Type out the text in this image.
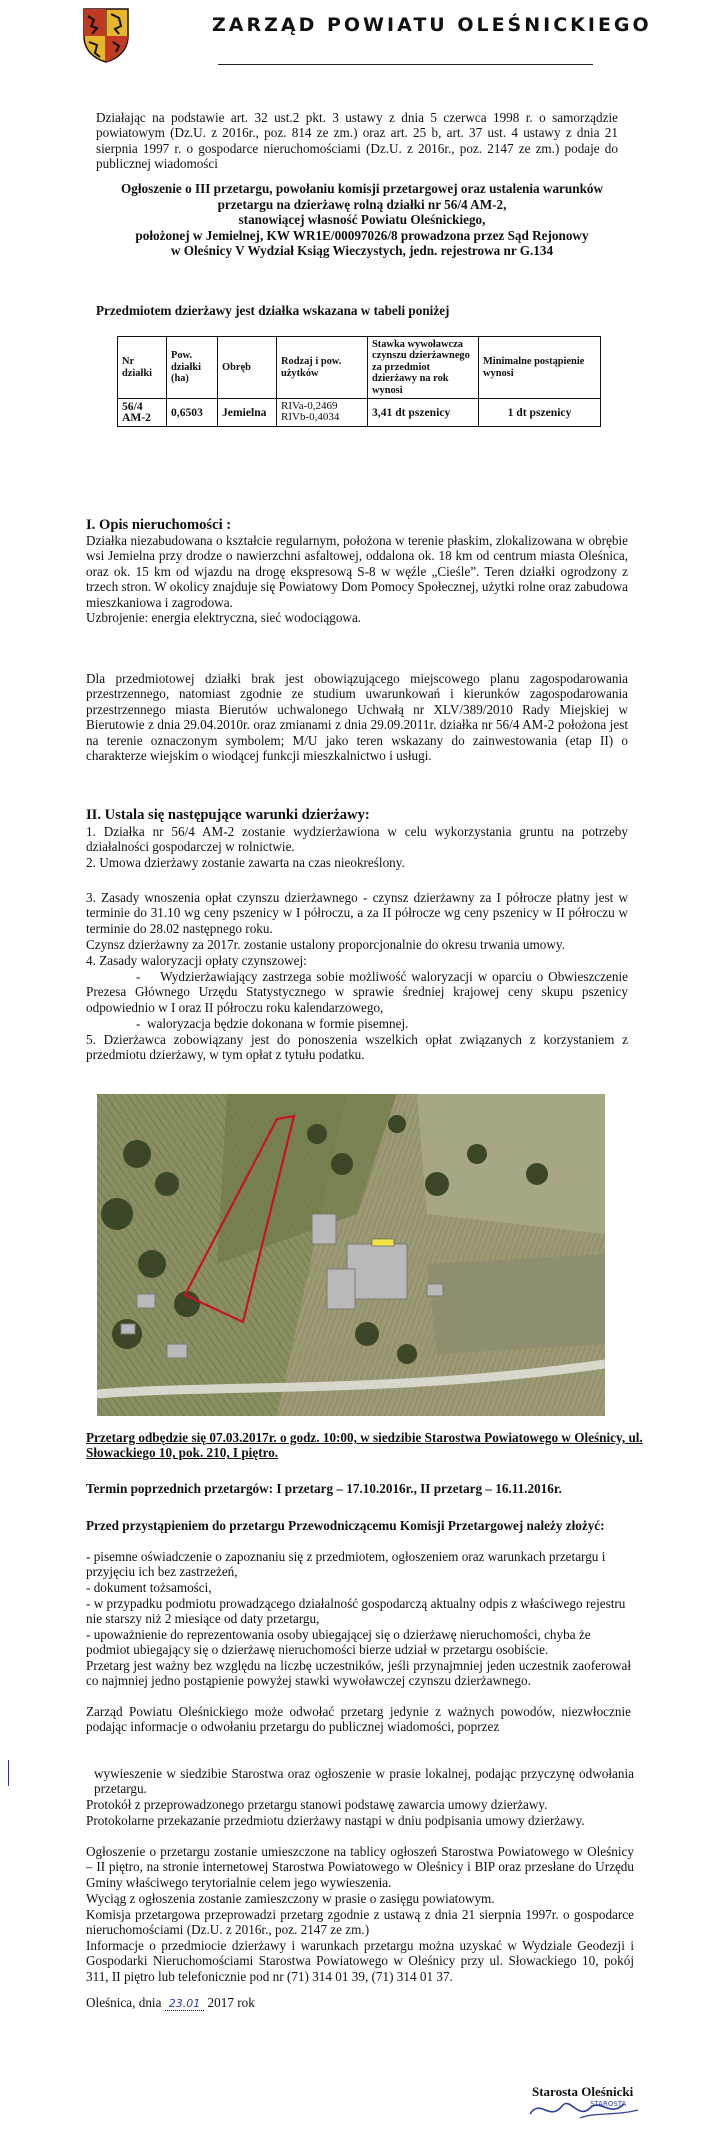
ZARZĄD POWIATU OLEŚNICKIEGO

Działając na podstawie art. 32 ust.2 pkt. 3 ustawy z dnia 5 czerwca 1998 r. o samorządzie powiatowym (Dz.U. z 2016r., poz. 814 ze zm.) oraz art. 25 b, art. 37 ust. 4 ustawy z dnia 21 sierpnia 1997 r. o gospodarce nieruchomościami (Dz.U. z 2016r., poz. 2147 ze zm.) podaje do publicznej wiadomości

Ogłoszenie o III przetargu, powołaniu komisji przetargowej oraz ustalenia warunków
przetargu na dzierżawę rolną działki nr 56/4 AM-2,
stanowiącej własność Powiatu Oleśnickiego,
położonej w Jemielnej, KW WR1E/00097026/8 prowadzona przez Sąd Rejonowy
w Oleśnicy V Wydział Ksiąg Wieczystych, jedn. rejestrowa nr G.134

Przedmiotem dzierżawy jest działka wskazana w tabeli poniżej

Nr działki	Pow. działki (ha)	Obręb	Rodzaj i pow. użytków	Stawka wywoławcza czynszu dzierżawnego za przedmiot dzierżawy na rok wynosi	Minimalne postąpienie wynosi
56/4 AM-2	0,6503	Jemielna	RIVa-0,2469
RIVb-0,4034	3,41 dt pszenicy	1 dt pszenicy

I. Opis nieruchomości :

Działka niezabudowana o kształcie regularnym, położona w terenie płaskim, zlokalizowana w obrębie wsi Jemielna przy drodze o nawierzchni asfaltowej, oddalona ok. 18 km od centrum miasta Oleśnica, oraz ok. 15 km od wjazdu na drogę ekspresową S-8 w węźle „Cieśle”. Teren działki ogrodzony z trzech stron. W okolicy znajduje się Powiatowy Dom Pomocy Społecznej, użytki rolne oraz zabudowa mieszkaniowa i zagrodowa.

Uzbrojenie: energia elektryczna, sieć wodociągowa.

Dla przedmiotowej działki brak jest obowiązującego miejscowego planu zagospodarowania przestrzennego, natomiast zgodnie ze studium uwarunkowań i kierunków zagospodarowania przestrzennego miasta Bierutów uchwalonego Uchwałą nr XLV/389/2010 Rady Miejskiej w Bierutowie z dnia 29.04.2010r. oraz zmianami z dnia 29.09.2011r. działka nr 56/4 AM-2 położona jest na terenie oznaczonym symbolem; M/U jako teren wskazany do zainwestowania (etap II) o charakterze wiejskim o wiodącej funkcji mieszkalnictwo i usługi.

II. Ustala się następujące warunki dzierżawy:

1. Działka nr 56/4 AM-2 zostanie wydzierżawiona w celu wykorzystania gruntu na potrzeby działalności gospodarczej w rolnictwie.

2. Umowa dzierżawy zostanie zawarta na czas nieokreślony.

3. Zasady wnoszenia opłat czynszu dzierżawnego - czynsz dzierżawny za I półrocze płatny jest w terminie do 31.10 wg ceny pszenicy w I półroczu, a za II półrocze wg ceny pszenicy w II półroczu w terminie do 28.02 następnego roku.

Czynsz dzierżawny za 2017r. zostanie ustalony proporcjonalnie do okresu trwania umowy.

4. Zasady waloryzacji opłaty czynszowej:

-    Wydzierżawiający zastrzega sobie możliwość waloryzacji w oparciu o Obwieszczenie Prezesa Głównego Urzędu Statystycznego w sprawie średniej krajowej ceny skupu pszenicy odpowiednio w I oraz II półroczu roku kalendarzowego,
-  waloryzacja będzie dokonana w formie pisemnej.

5. Dzierżawca zobowiązany jest do ponoszenia wszelkich opłat związanych z korzystaniem z przedmiotu dzierżawy, w tym opłat z tytułu podatku.

Przetarg odbędzie się 07.03.2017r. o godz. 10:00, w siedzibie Starostwa Powiatowego w Oleśnicy, ul. Słowackiego 10, pok. 210, I piętro.

Termin poprzednich przetargów: I przetarg – 17.10.2016r., II przetarg – 16.11.2016r.

Przed przystąpieniem do przetargu Przewodniczącemu Komisji Przetargowej należy złożyć:

- pisemne oświadczenie o zapoznaniu się z przedmiotem, ogłoszeniem oraz warunkach przetargu i przyjęciu ich bez zastrzeżeń,

- dokument tożsamości,

- w przypadku podmiotu prowadzącego działalność gospodarczą aktualny odpis z właściwego rejestru nie starszy niż 2 miesiące od daty przetargu,

- upoważnienie do reprezentowania osoby ubiegającej się o dzierżawę nieruchomości, chyba że podmiot ubiegający się o dzierżawę nieruchomości bierze udział w przetargu osobiście.

Przetarg jest ważny bez względu na liczbę uczestników, jeśli przynajmniej jeden uczestnik zaoferował co najmniej jedno postąpienie powyżej stawki wywoławczej czynszu dzierżawnego.

Zarząd Powiatu Oleśnickiego może odwołać przetarg jedynie z ważnych powodów, niezwłocznie podając informacje o odwołaniu przetargu do publicznej wiadomości, poprzez

wywieszenie w siedzibie Starostwa oraz ogłoszenie w prasie lokalnej, podając przyczynę odwołania przetargu.

Protokół z przeprowadzonego przetargu stanowi podstawę zawarcia umowy dzierżawy.

Protokolarne przekazanie przedmiotu dzierżawy nastąpi w dniu podpisania umowy dzierżawy.

Ogłoszenie o przetargu zostanie umieszczone na tablicy ogłoszeń Starostwa Powiatowego w Oleśnicy – II piętro, na stronie internetowej Starostwa Powiatowego w Oleśnicy i BIP oraz przesłane do Urzędu Gminy właściwego terytorialnie celem jego wywieszenia.

Wyciąg z ogłoszenia zostanie zamieszczony w prasie o zasięgu powiatowym.

Komisja przetargowa przeprowadzi przetarg zgodnie z ustawą z dnia 21 sierpnia 1997r. o gospodarce nieruchomościami (Dz.U. z 2016r., poz. 2147 ze zm.)

Informacje o przedmiocie dzierżawy i warunkach przetargu można uzyskać w Wydziale Geodezji i Gospodarki Nieruchomościami Starostwa Powiatowego w Oleśnicy przy ul. Słowackiego 10, pokój 311, II piętro lub telefonicznie pod nr (71) 314 01 39, (71) 314 01 37.

Oleśnica, dnia 23.01 2017 rok
Starosta Oleśnicki
STAROSTA
